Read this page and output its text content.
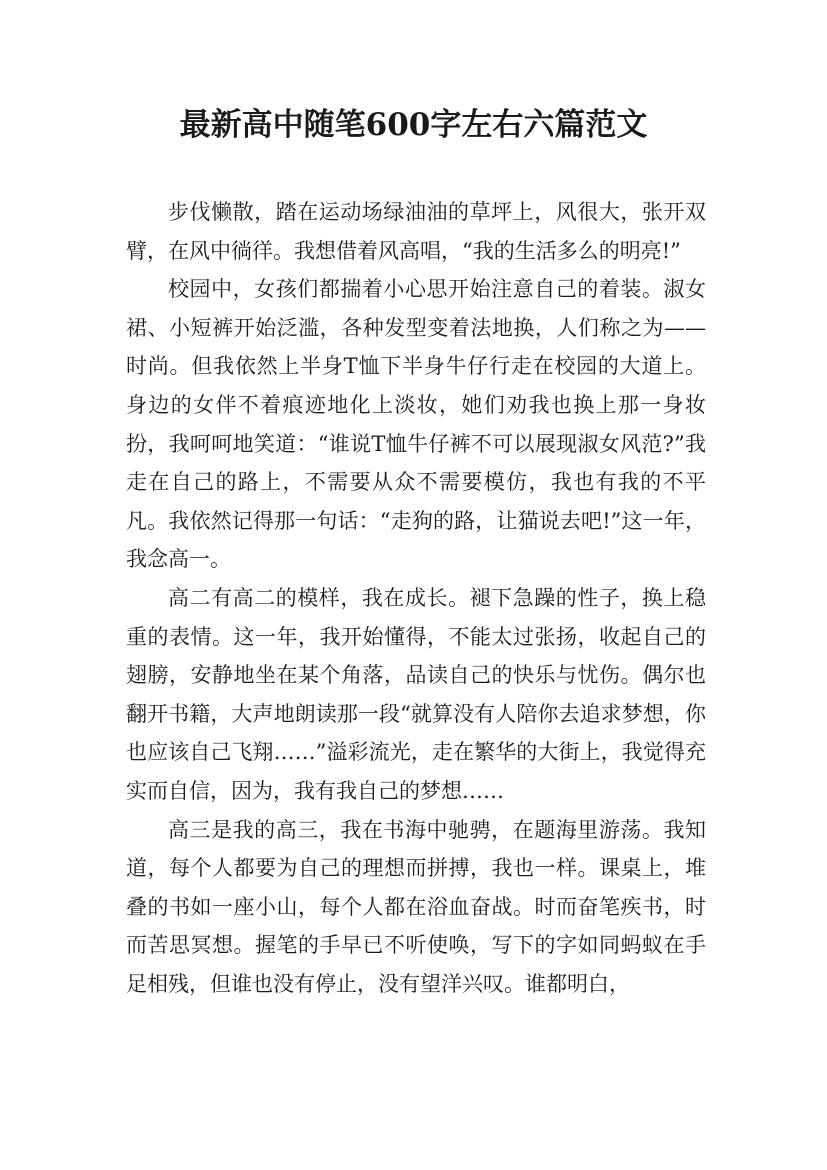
最新高中随笔600字左右六篇范文

步伐懒散，踏在运动场绿油油的草坪上，风很大，张开双臂，在风中徜徉。我想借着风高唱，“我的生活多么的明亮!”

校园中，女孩们都揣着小心思开始注意自己的着装。淑女裙、小短裤开始泛滥，各种发型变着法地换，人们称之为——时尚。但我依然上半身T恤下半身牛仔行走在校园的大道上。身边的女伴不着痕迹地化上淡妆，她们劝我也换上那一身妆扮，我呵呵地笑道：“谁说T恤牛仔裤不可以展现淑女风范?”我走在自己的路上，不需要从众不需要模仿，我也有我的不平凡。我依然记得那一句话：“走狗的路，让猫说去吧!”这一年，我念高一。

高二有高二的模样，我在成长。褪下急躁的性子，换上稳重的表情。这一年，我开始懂得，不能太过张扬，收起自己的翅膀，安静地坐在某个角落，品读自己的快乐与忧伤。偶尔也翻开书籍，大声地朗读那一段“就算没有人陪你去追求梦想，你也应该自己飞翔……”溢彩流光，走在繁华的大街上，我觉得充实而自信，因为，我有我自己的梦想……

高三是我的高三，我在书海中驰骋，在题海里游荡。我知道，每个人都要为自己的理想而拼搏，我也一样。课桌上，堆叠的书如一座小山，每个人都在浴血奋战。时而奋笔疾书，时而苦思冥想。握笔的手早已不听使唤，写下的字如同蚂蚁在手足相残，但谁也没有停止，没有望洋兴叹。谁都明白，
